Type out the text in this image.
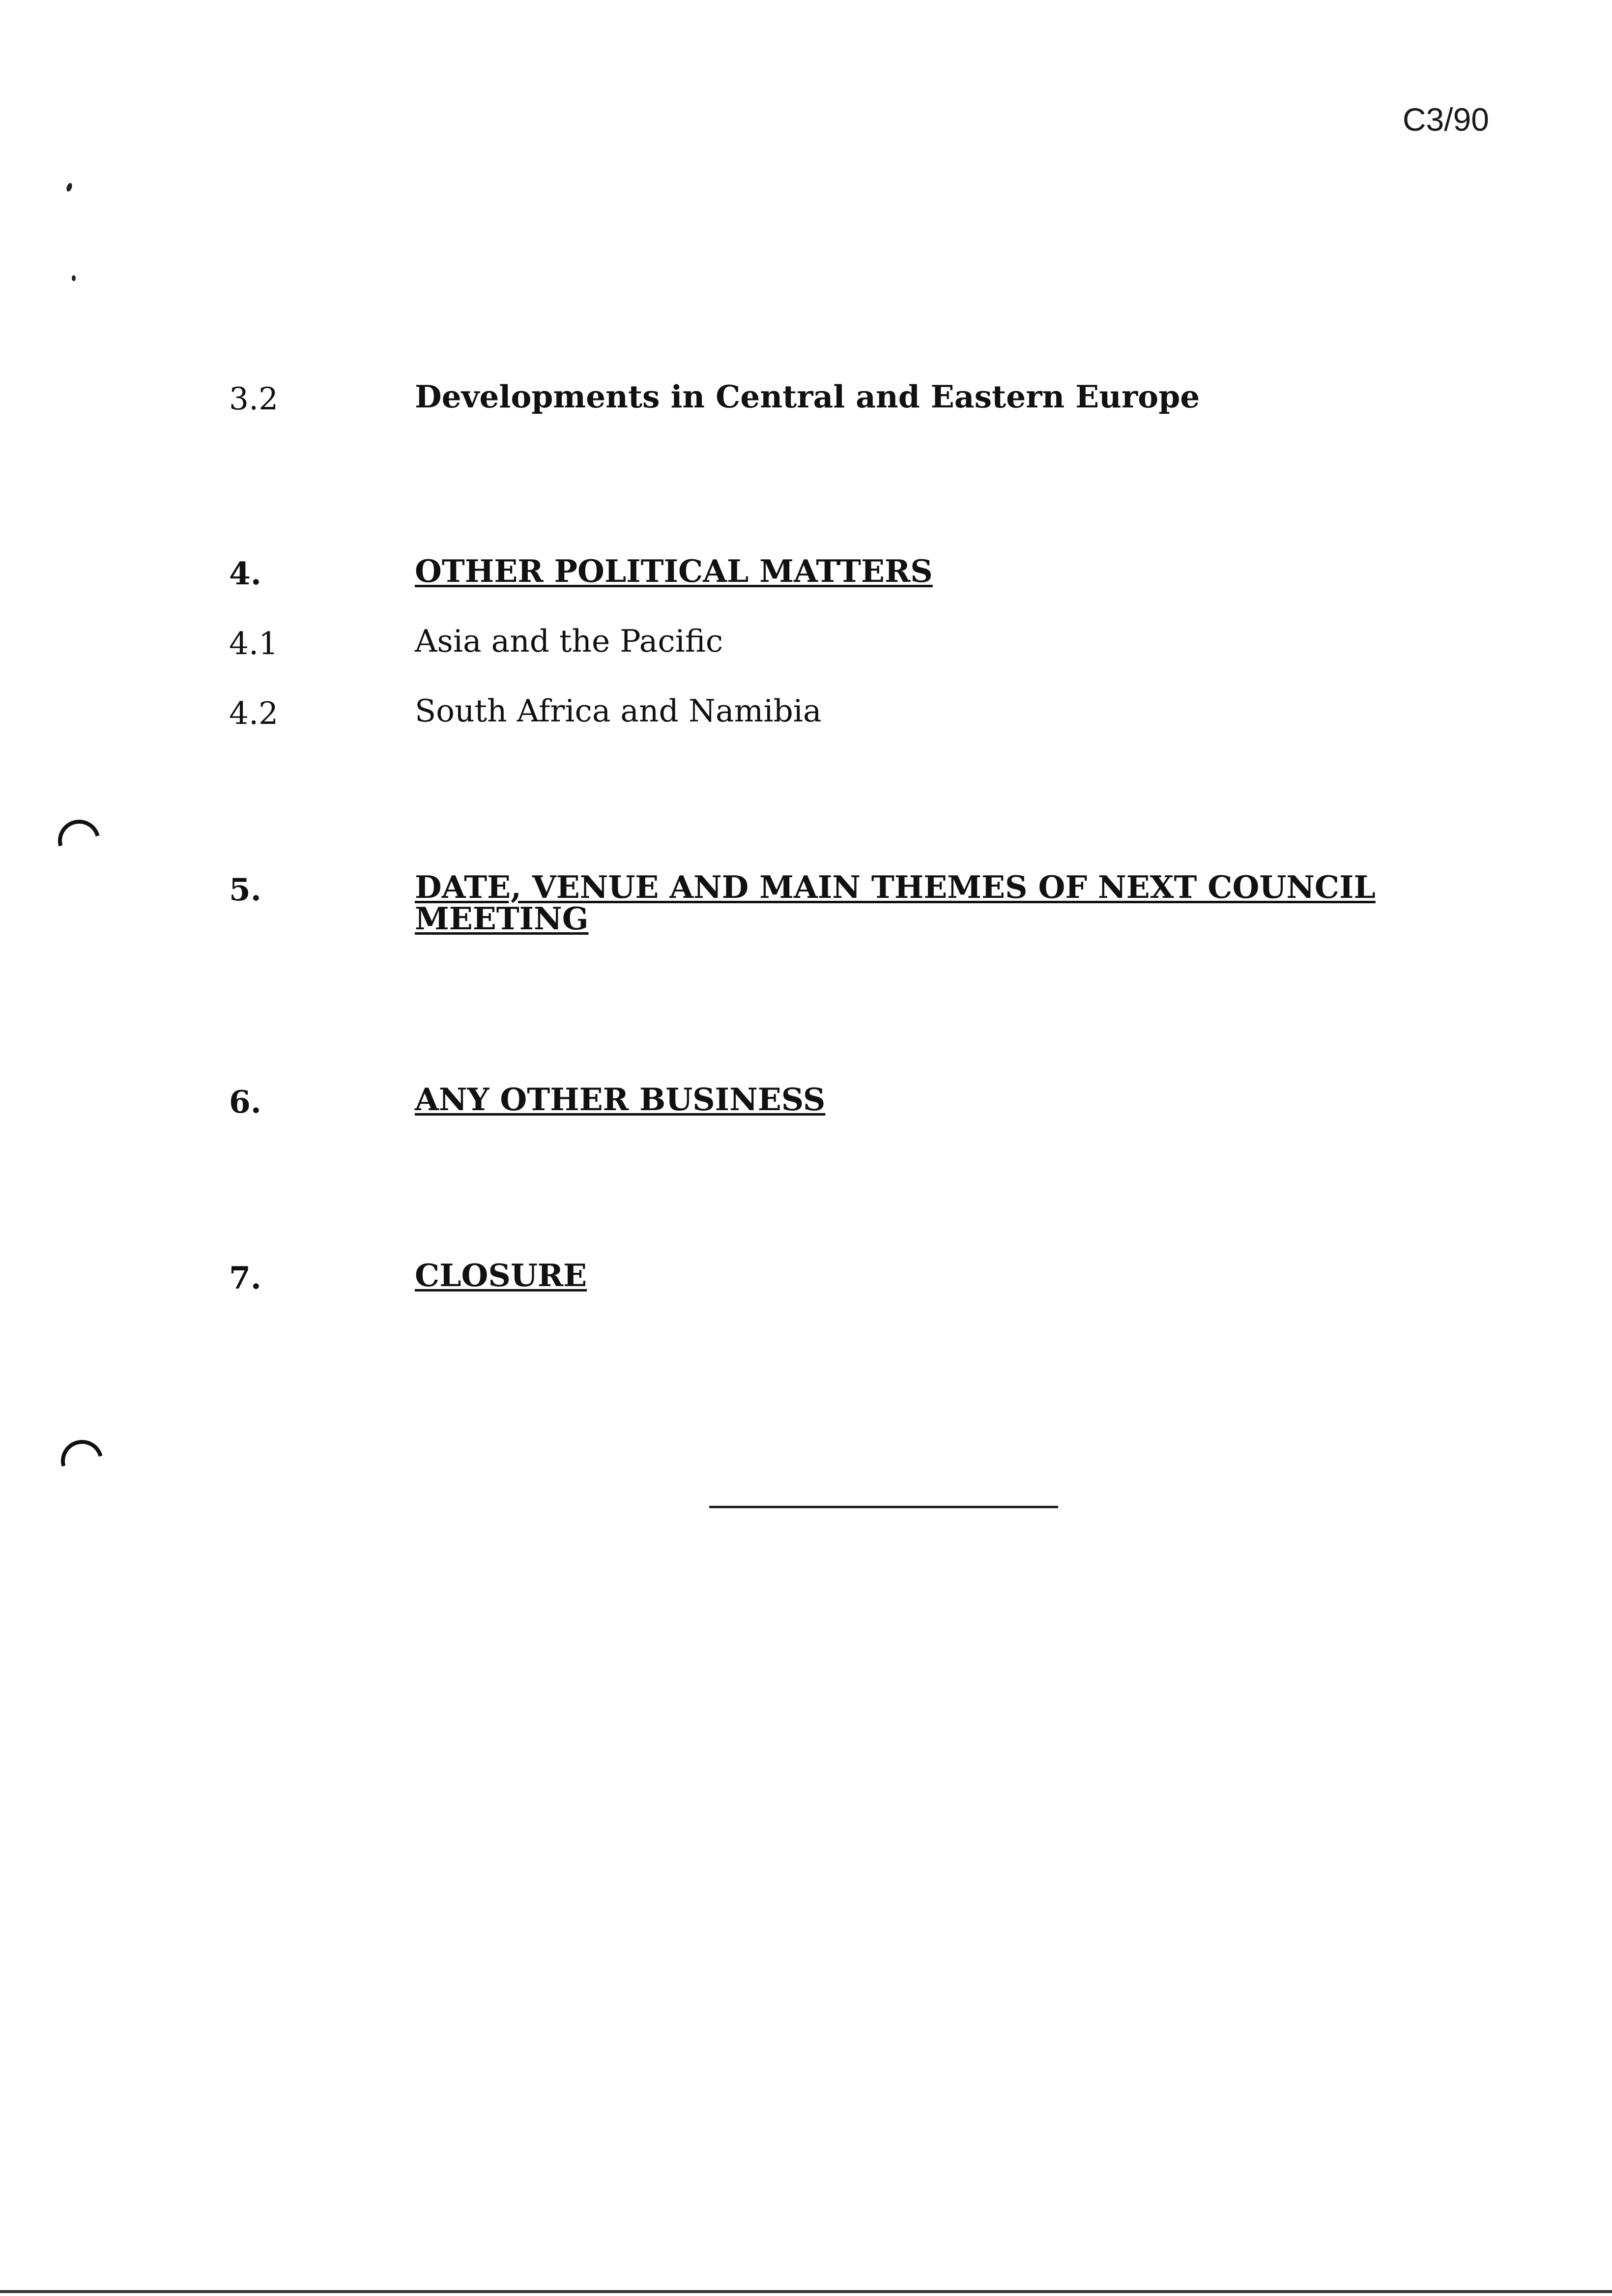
C3/90
3.2	Developments in Central and Eastern Europe
4.	OTHER POLITICAL MATTERS
4.1	Asia and the Pacific
4.2	South Africa and Namibia
5.	DATE, VENUE AND MAIN THEMES OF NEXT COUNCIL
MEETING
6.	ANY OTHER BUSINESS
7.	CLOSURE
